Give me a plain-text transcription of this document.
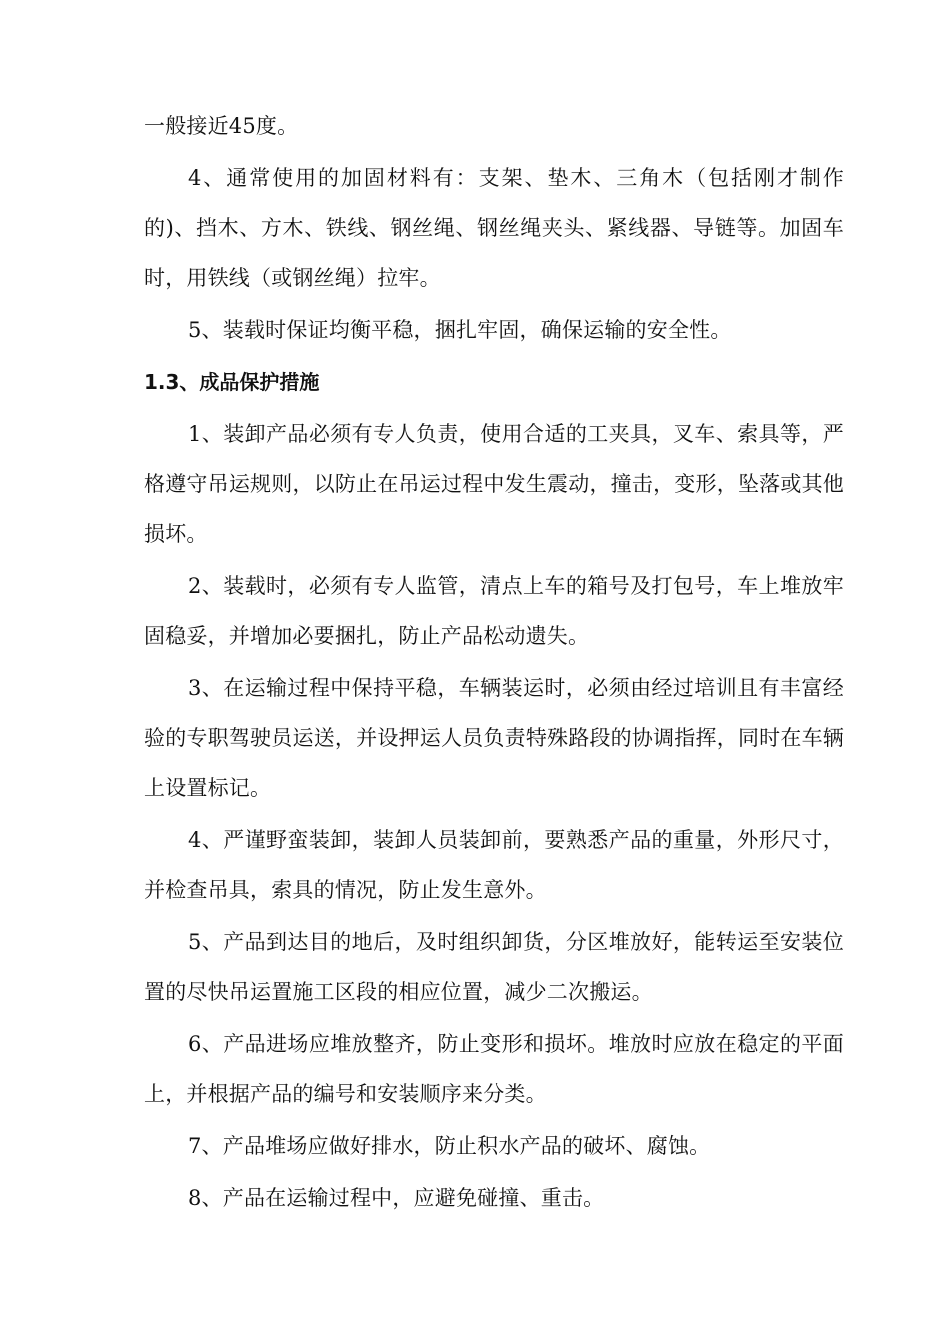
一般接近45度。

4、通常使用的加固材料有：支架、垫木、三角木（包括刚才制作的)、挡木、方木、铁线、钢丝绳、钢丝绳夹头、紧线器、导链等。加固车时，用铁线（或钢丝绳）拉牢。

5、装载时保证均衡平稳，捆扎牢固，确保运输的安全性。

1.3、成品保护措施

1、装卸产品必须有专人负责，使用合适的工夹具，叉车、索具等，严格遵守吊运规则，以防止在吊运过程中发生震动，撞击，变形，坠落或其他损坏。

2、装载时，必须有专人监管，清点上车的箱号及打包号，车上堆放牢固稳妥，并增加必要捆扎，防止产品松动遗失。

3、在运输过程中保持平稳，车辆装运时，必须由经过培训且有丰富经验的专职驾驶员运送，并设押运人员负责特殊路段的协调指挥，同时在车辆上设置标记。

4、严谨野蛮装卸，装卸人员装卸前，要熟悉产品的重量，外形尺寸，并检查吊具，索具的情况，防止发生意外。

5、产品到达目的地后，及时组织卸货，分区堆放好，能转运至安装位置的尽快吊运置施工区段的相应位置，减少二次搬运。

6、产品进场应堆放整齐，防止变形和损坏。堆放时应放在稳定的平面上，并根据产品的编号和安装顺序来分类。

7、产品堆场应做好排水，防止积水产品的破坏、腐蚀。

8、产品在运输过程中，应避免碰撞、重击。
